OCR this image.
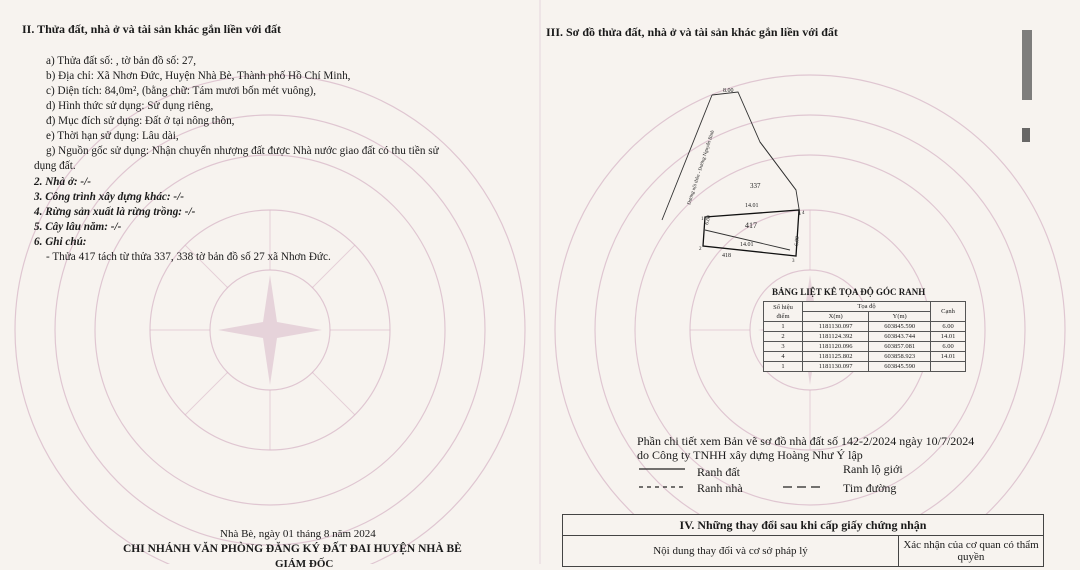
II. Thửa đất, nhà ở và tài sản khác gắn liền với đất
a) Thửa đất số: , tờ bản đồ số: 27,
b) Địa chỉ: Xã Nhơn Đức, Huyện Nhà Bè, Thành phố Hồ Chí Minh,
c) Diện tích: 84,0m², (bằng chữ: Tám mươi bốn mét vuông),
d) Hình thức sử dụng: Sử dụng riêng,
đ) Mục đích sử dụng: Đất ở tại nông thôn,
e) Thời hạn sử dụng: Lâu dài,
g) Nguồn gốc sử dụng: Nhận chuyển nhượng đất được Nhà nước giao đất có thu tiền sử
dụng đất.
2. Nhà ở: -/-
3. Công trình xây dựng khác: -/-
4. Rừng sản xuất là rừng trồng: -/-
5. Cây lâu năm: -/-
6. Ghi chú:
- Thửa 417 tách từ thửa 337, 338 tờ bản đồ số 27 xã Nhơn Đức.
Nhà Bè, ngày 01 tháng 8 năm 2024
CHI NHÁNH VĂN PHÒNG ĐĂNG KÝ ĐẤT ĐAI HUYỆN NHÀ BÈ
GIÁM ĐỐC
III. Sơ đồ thửa đất, nhà ở và tài sản khác gắn liền với đất
8.00
337
417
418
14.01
14.01
6.00
6.00
1
2
3
4
Đường nội thôn - Đường Nguyễn Bình
BẢNG LIỆT KÊ TỌA ĐỘ GÓC RANH
Số hiệu điểm	Tọa độ		Cạnh
	X(m)	Y(m)	
1	1181130.097	603845.590	6.00
2	1181124.392	603843.744	14.01
3	1181120.096	603857.081	6.00
4	1181125.802	603858.923	14.01
1	1181130.097	603845.590	
Phần chi tiết xem Bản vẽ sơ đồ nhà đất số 142-2/2024 ngày 10/7/2024
do Công ty TNHH xây dựng Hoàng Như Ý lập
Ranh đất	Ranh lộ giới
Ranh nhà	Tim đường
IV. Những thay đổi sau khi cấp giấy chứng nhận
Nội dung thay đổi và cơ sở pháp lý	Xác nhận của cơ quan có thẩm quyền
